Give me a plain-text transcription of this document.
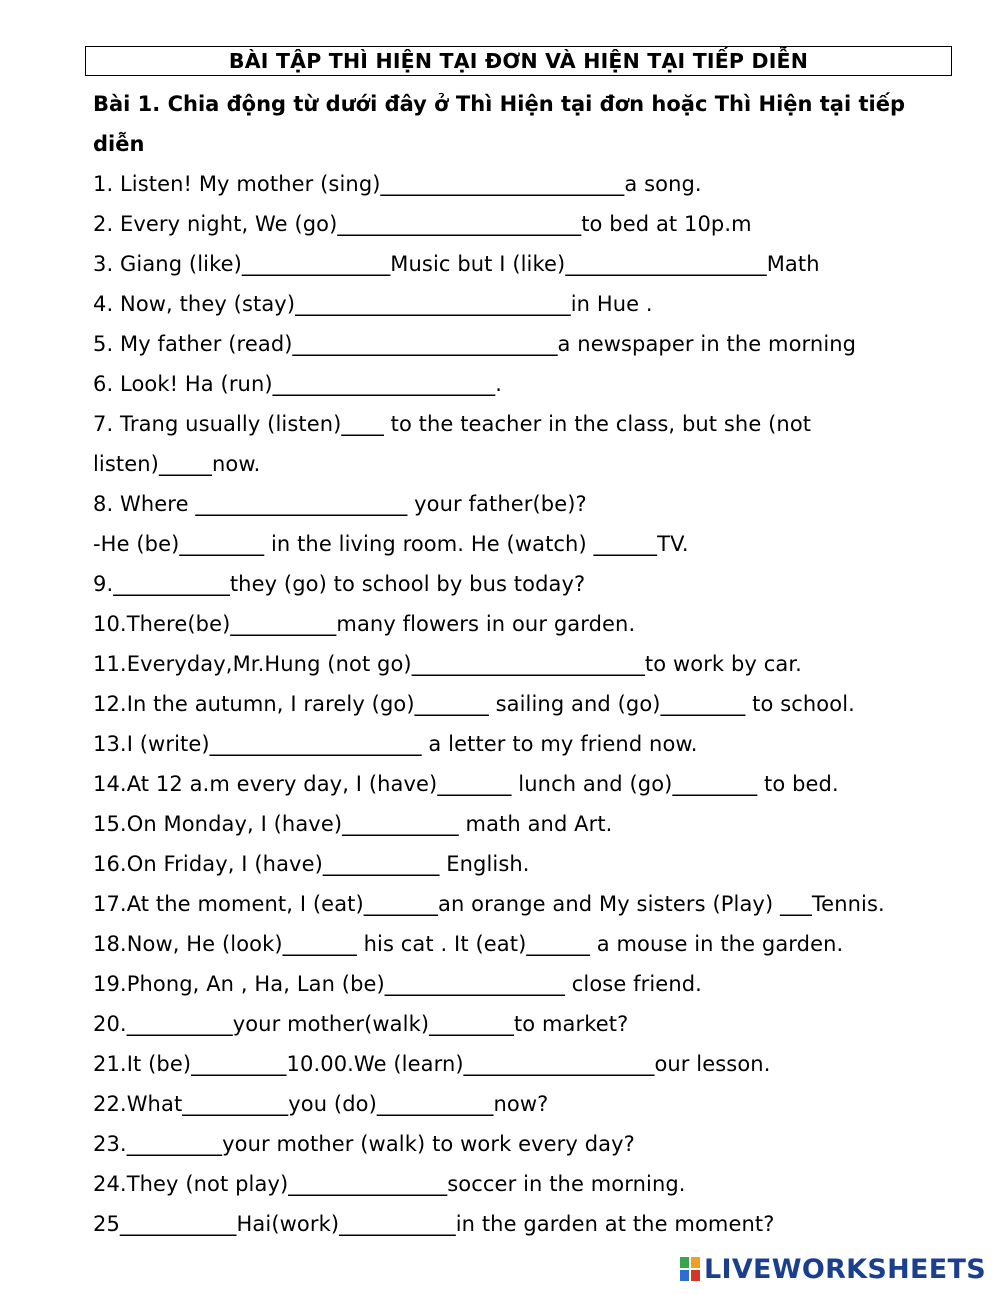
BÀI TẬP THÌ HIỆN TẠI ĐƠN VÀ HIỆN TẠI TIẾP DIỄN
Bài 1. Chia động từ dưới đây ở Thì Hiện tại đơn hoặc Thì Hiện tại tiếp diễn
1. Listen! My mother (sing)_______________________a song.
2. Every night, We (go)_______________________to bed at 10p.m
3. Giang (like)______________Music but I (like)___________________Math
4. Now, they (stay)__________________________in Hue .
5. My father (read)_________________________a newspaper in the morning
6. Look! Ha (run)_____________________.
7. Trang usually (listen)____ to the teacher in the class, but she (not
listen)_____now.
8. Where ____________________ your father(be)?
-He (be)________ in the living room. He (watch) ______TV.
9.___________they (go) to school by bus today?
10.There(be)__________many flowers in our garden.
11.Everyday,Mr.Hung (not go)______________________to work by car.
12.In the autumn, I rarely (go)_______ sailing and (go)________ to school.
13.I (write)____________________ a letter to my friend now.
14.At 12 a.m every day, I (have)_______ lunch and (go)________ to bed.
15.On Monday, I (have)___________ math and Art.
16.On Friday, I (have)___________ English.
17.At the moment, I (eat)_______an orange and My sisters (Play) ___Tennis.
18.Now, He (look)_______ his cat . It (eat)______ a mouse in the garden.
19.Phong, An , Ha, Lan (be)_________________ close friend.
20.__________your mother(walk)________to market?
21.It (be)_________10.00.We (learn)__________________our lesson.
22.What__________you (do)___________now?
23._________your mother (walk) to work every day?
24.They (not play)_______________soccer in the morning.
25___________Hai(work)___________in the garden at the moment?
LIVEWORKSHEETS
